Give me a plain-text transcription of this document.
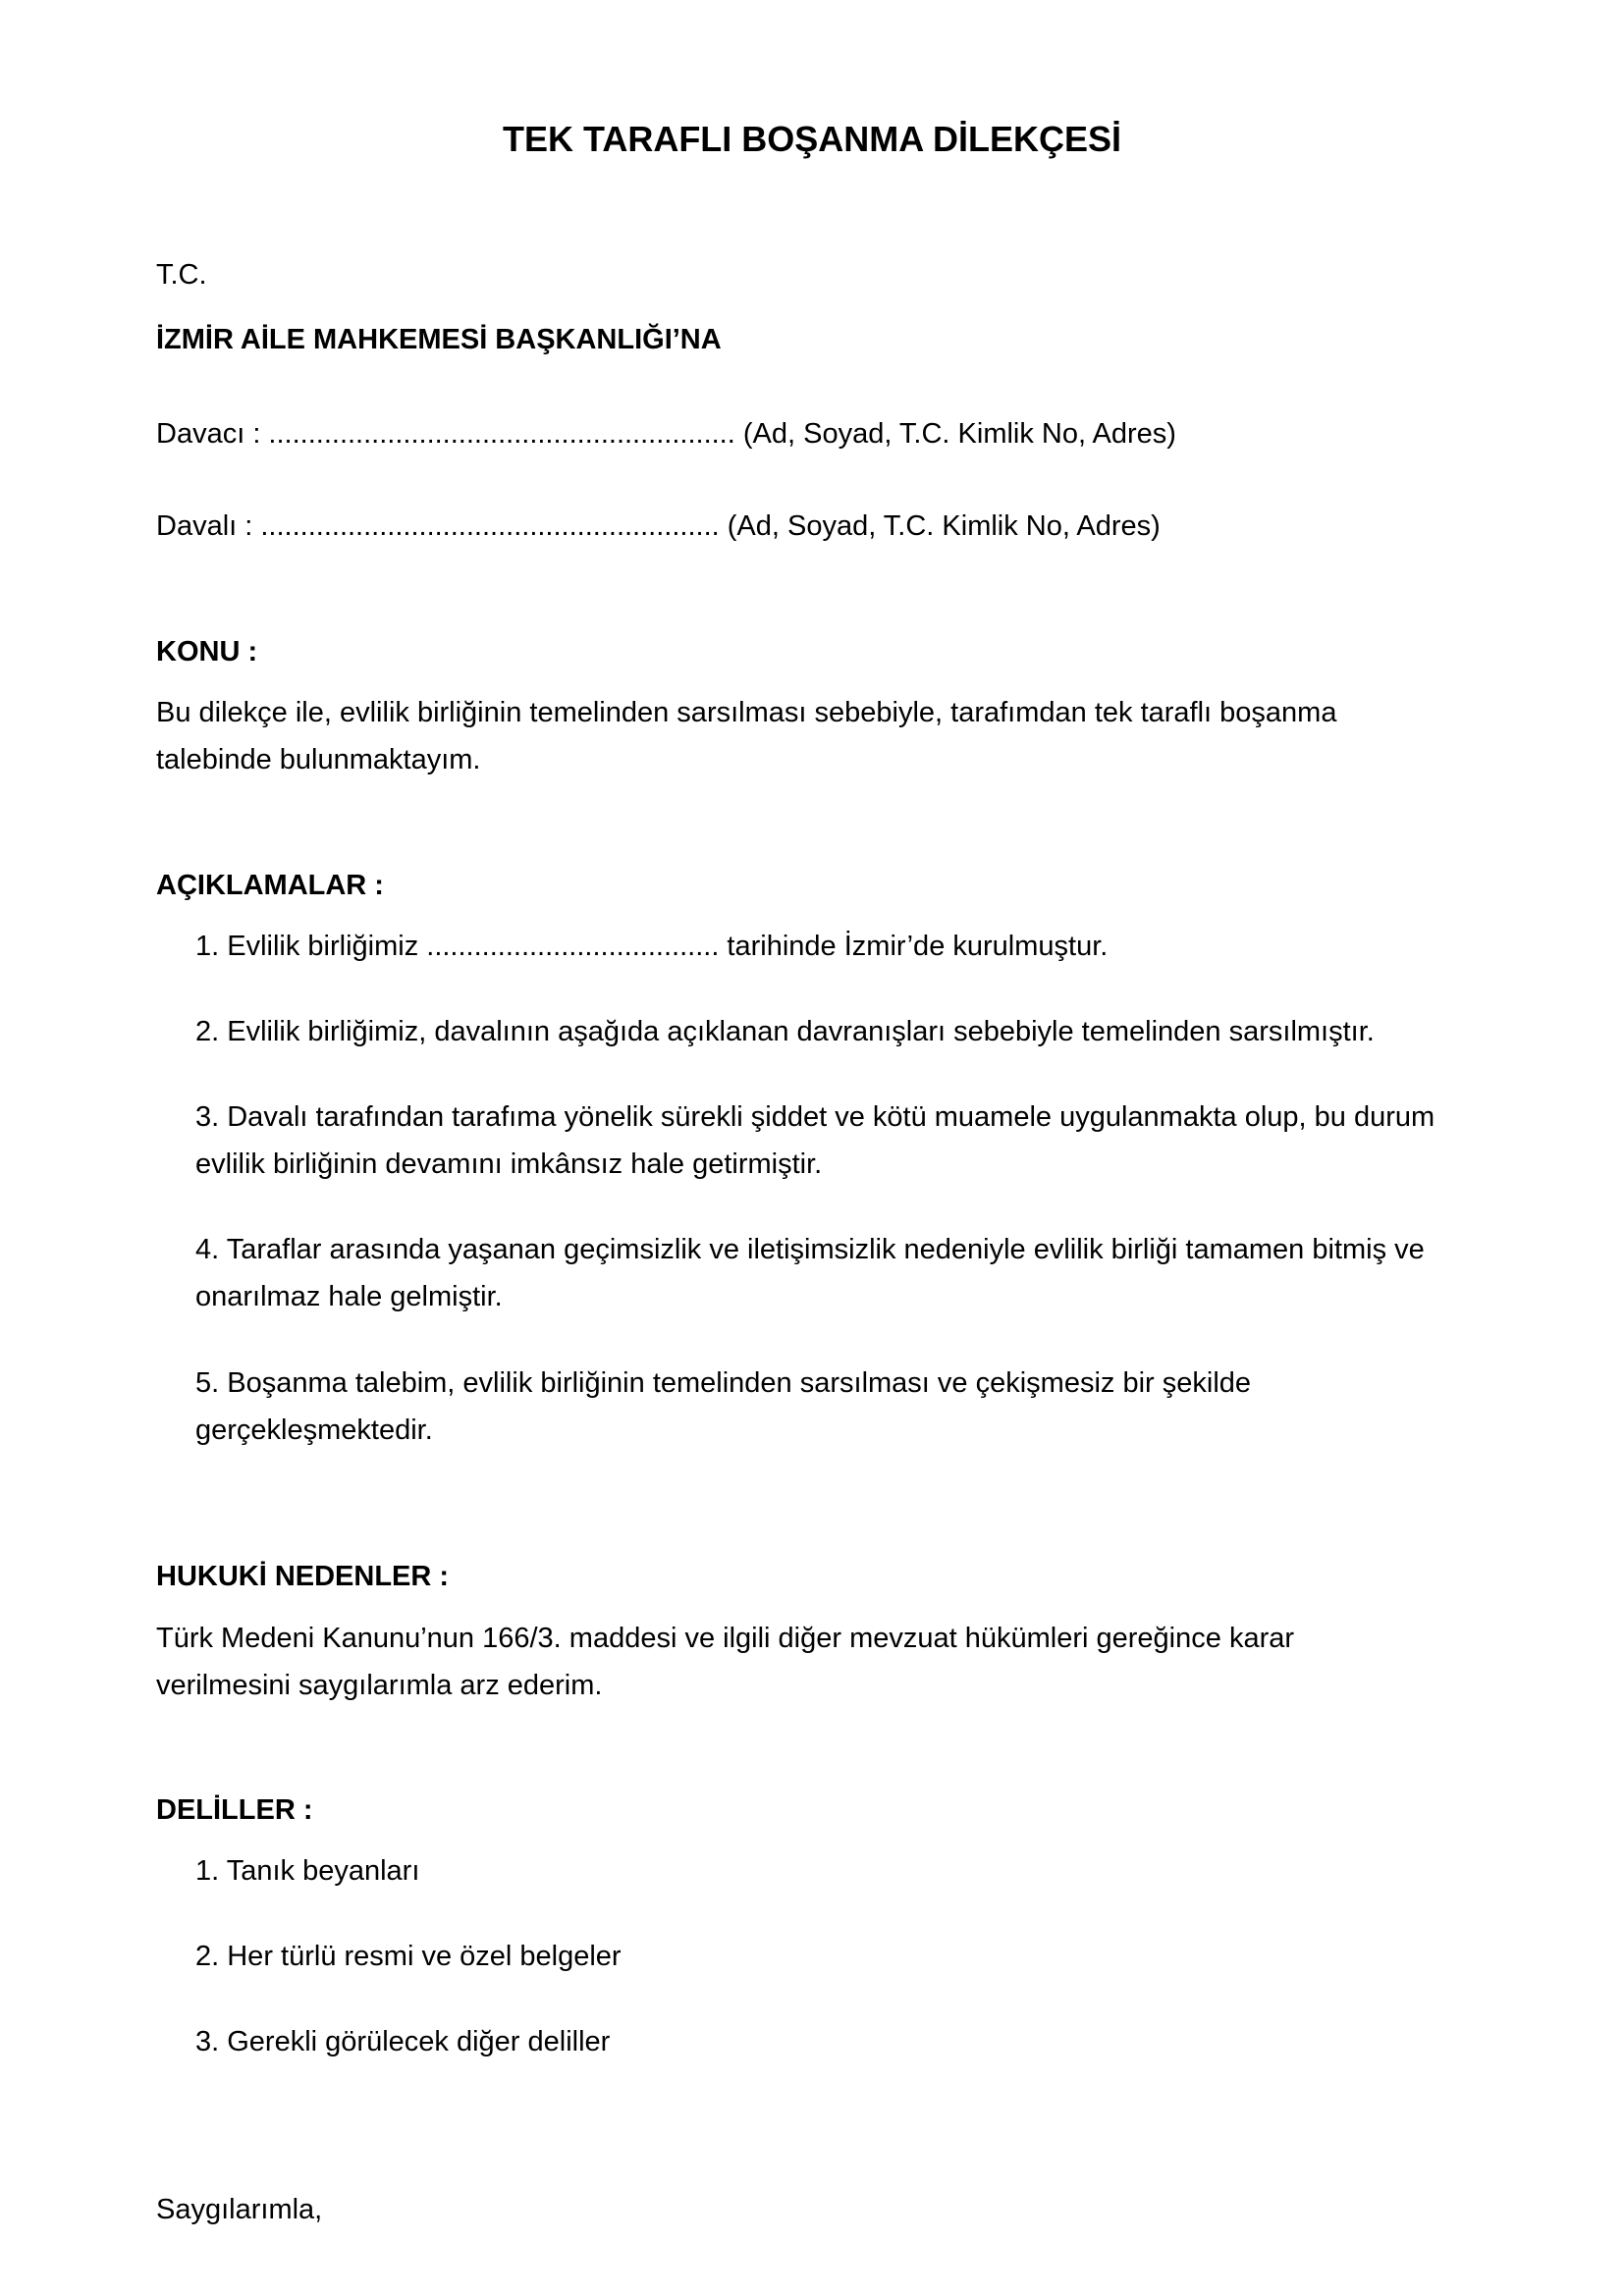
TEK TARAFLI BOŞANMA DİLEKÇESİ

T.C.

İZMİR AİLE MAHKEMESİ BAŞKANLIĞI’NA

Davacı : ........................................................... (Ad, Soyad, T.C. Kimlik No, Adres)

Davalı : .......................................................... (Ad, Soyad, T.C. Kimlik No, Adres)

KONU :

Bu dilekçe ile, evlilik birliğinin temelinden sarsılması sebebiyle, tarafımdan tek taraflı boşanma talebinde bulunmaktayım.

AÇIKLAMALAR :

1. Evlilik birliğimiz ..................................... tarihinde İzmir’de kurulmuştur.

2. Evlilik birliğimiz, davalının aşağıda açıklanan davranışları sebebiyle temelinden sarsılmıştır.

3. Davalı tarafından tarafıma yönelik sürekli şiddet ve kötü muamele uygulanmakta olup, bu durum evlilik birliğinin devamını imkânsız hale getirmiştir.

4. Taraflar arasında yaşanan geçimsizlik ve iletişimsizlik nedeniyle evlilik birliği tamamen bitmiş ve onarılmaz hale gelmiştir.

5. Boşanma talebim, evlilik birliğinin temelinden sarsılması ve çekişmesiz bir şekilde gerçekleşmektedir.

HUKUKİ NEDENLER :

Türk Medeni Kanunu’nun 166/3. maddesi ve ilgili diğer mevzuat hükümleri gereğince karar verilmesini saygılarımla arz ederim.

DELİLLER :

1. Tanık beyanları

2. Her türlü resmi ve özel belgeler

3. Gerekli görülecek diğer deliller

Saygılarımla,
